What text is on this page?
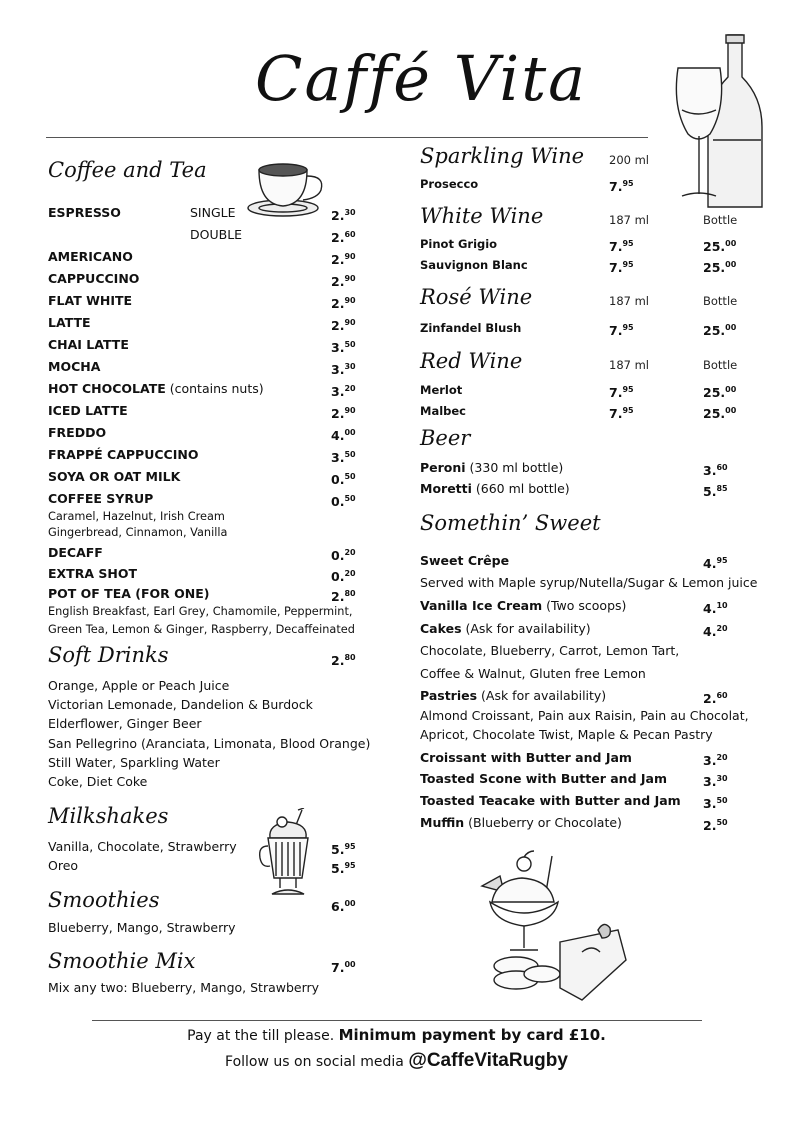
Caffé Vita
Coffee and Tea
ESPRESSO	SINGLE	2.30
DOUBLE	2.60
AMERICANO	2.90
CAPPUCCINO	2.90
FLAT WHITE	2.90
LATTE	2.90
CHAI LATTE	3.50
MOCHA	3.30
HOT CHOCOLATE (contains nuts)	3.20
ICED LATTE	2.90
FREDDO	4.00
FRAPPÉ CAPPUCCINO	3.50
SOYA OR OAT MILK	0.50
COFFEE SYRUP	0.50
Caramel, Hazelnut, Irish Cream
Gingerbread, Cinnamon, Vanilla
DECAFF	0.20
EXTRA SHOT	0.20
POT OF TEA (FOR ONE)	2.80
English Breakfast, Earl Grey, Chamomile, Peppermint,
Green Tea, Lemon & Ginger, Raspberry, Decaffeinated
Soft Drinks	2.80
Orange, Apple or Peach Juice
Victorian Lemonade, Dandelion & Burdock
Elderflower, Ginger Beer
San Pellegrino (Aranciata, Limonata, Blood Orange)
Still Water, Sparkling Water
Coke, Diet Coke
Milkshakes
Vanilla, Chocolate, Strawberry	5.95
Oreo	5.95
Smoothies	6.00
Blueberry, Mango, Strawberry
Smoothie Mix	7.00
Mix any two: Blueberry, Mango, Strawberry
Sparkling Wine 200 ml
Prosecco	7.95
White Wine	187 ml	Bottle
Pinot Grigio	7.95	25.00
Sauvignon Blanc	7.95	25.00
Rosé Wine	187 ml	Bottle
Zinfandel Blush	7.95	25.00
Red Wine	187 ml	Bottle
Merlot	7.95	25.00
Malbec	7.95	25.00
Beer
Peroni (330 ml bottle)	3.60
Moretti (660 ml bottle)	5.85
Somethin’ Sweet
Sweet Crêpe	4.95
Served with Maple syrup/Nutella/Sugar & Lemon juice
Vanilla Ice Cream (Two scoops)	4.10
Cakes (Ask for availability)	4.20
Chocolate, Blueberry, Carrot, Lemon Tart,
Coffee & Walnut, Gluten free Lemon
Pastries (Ask for availability)	2.60
Almond Croissant, Pain aux Raisin, Pain au Chocolat,
Apricot, Chocolate Twist, Maple & Pecan Pastry
Croissant with Butter and Jam	3.20
Toasted Scone with Butter and Jam	3.30
Toasted Teacake with Butter and Jam 3.50
Muffin (Blueberry or Chocolate)	2.50
Pay at the till please. Minimum payment by card £10.
Follow us on social media @CaffeVitaRugby
